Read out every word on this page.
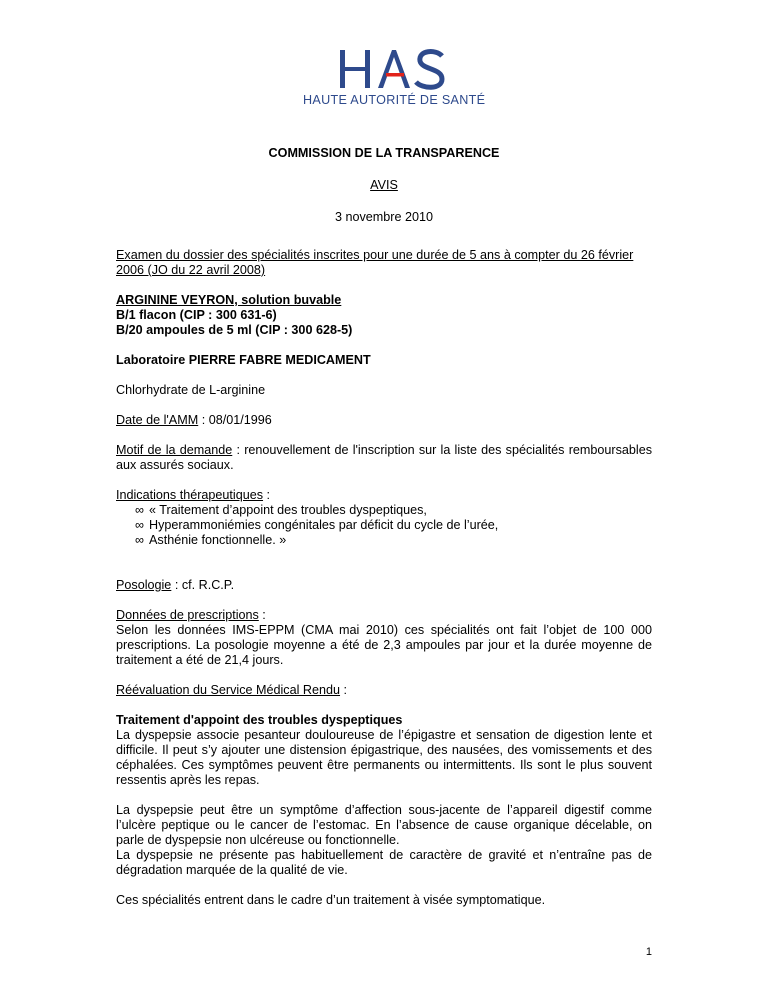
HAUTE AUTORITÉ DE SANTÉ

COMMISSION DE LA TRANSPARENCE

AVIS

3 novembre 2010

Examen du dossier des spécialités inscrites pour une durée de 5 ans à compter du 26 février 2006 (JO du 22 avril 2008)

ARGININE VEYRON, solution buvable

B/1 flacon (CIP : 300 631-6)

B/20 ampoules de 5 ml (CIP : 300 628-5)

Laboratoire PIERRE FABRE MEDICAMENT

Chlorhydrate de L-arginine

Date de l'AMM : 08/01/1996

Motif de la demande : renouvellement de l'inscription sur la liste des spécialités remboursables aux assurés sociaux.

Indications thérapeutiques :

∞ « Traitement d’appoint des troubles dyspeptiques,
∞ Hyperammoniémies congénitales par déficit du cycle de l’urée,
∞ Asthénie fonctionnelle. »

Posologie : cf. R.C.P.

Données de prescriptions :

Selon les données IMS-EPPM (CMA mai 2010) ces spécialités ont fait l’objet de 100 000 prescriptions. La posologie moyenne a été de 2,3 ampoules par jour et la durée moyenne de traitement a été de 21,4 jours.

Réévaluation du Service Médical Rendu :

Traitement d'appoint des troubles dyspeptiques

La dyspepsie associe pesanteur douloureuse de l’épigastre et sensation de digestion lente et difficile. Il peut s’y ajouter une distension épigastrique, des nausées, des vomissements et des céphalées. Ces symptômes peuvent être permanents ou intermittents. Ils sont le plus souvent ressentis après les repas.

La dyspepsie peut être un symptôme d’affection sous-jacente de l’appareil digestif comme l’ulcère peptique ou le cancer de l’estomac. En l’absence de cause organique décelable, on parle de dyspepsie non ulcéreuse ou fonctionnelle.

La dyspepsie ne présente pas habituellement de caractère de gravité et n’entraîne pas de dégradation marquée de la qualité de vie.

Ces spécialités entrent dans le cadre d’un traitement à visée symptomatique.

1
